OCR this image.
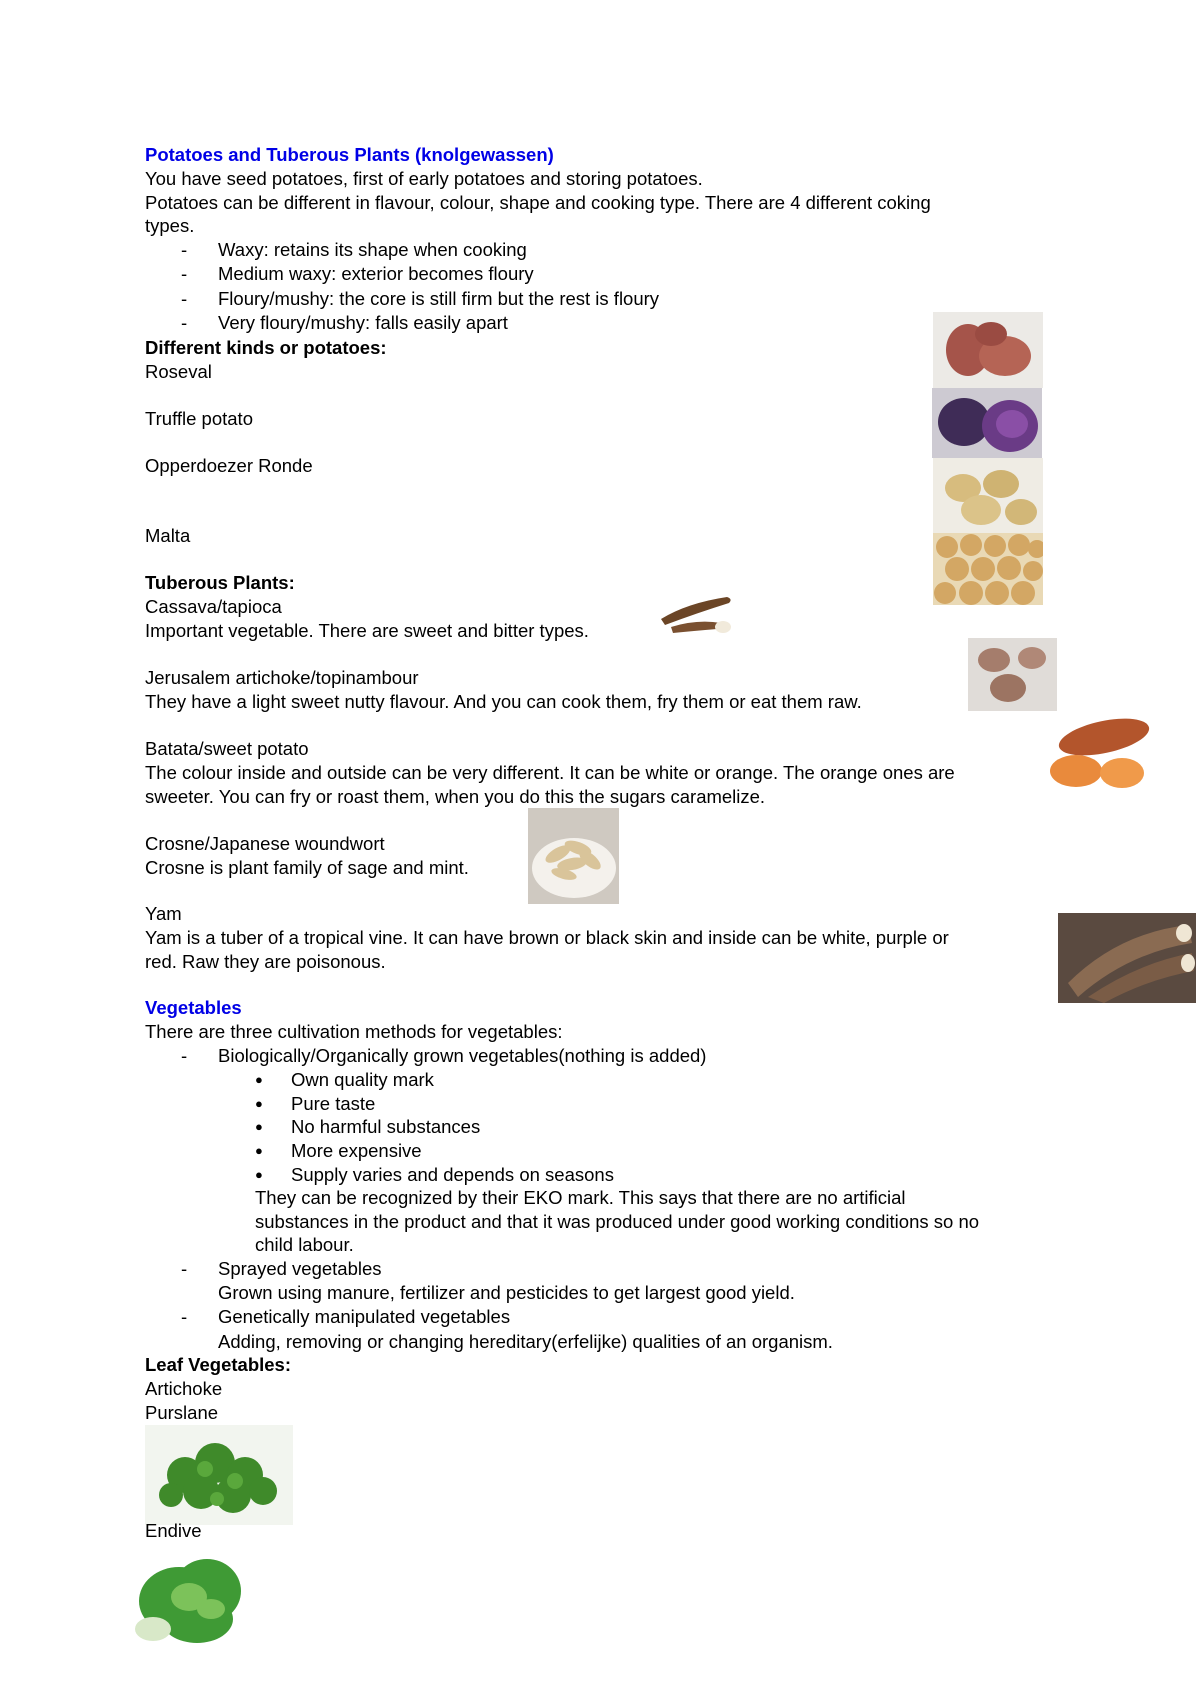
Potatoes and Tuberous Plants (knolgewassen)
You have seed potatoes, first of early potatoes and storing potatoes.
Potatoes can be different in flavour, colour, shape and cooking type. There are 4 different coking
types.
- Waxy: retains its shape when cooking
- Medium waxy: exterior becomes floury
- Floury/mushy: the core is still firm but the rest is floury
- Very floury/mushy: falls easily apart
Different kinds or potatoes:
Roseval
Truffle potato
Opperdoezer Ronde
Malta
Tuberous Plants:
Cassava/tapioca
Important vegetable. There are sweet and bitter types.
Jerusalem artichoke/topinambour
They have a light sweet nutty flavour. And you can cook them, fry them or eat them raw.
Batata/sweet potato
The colour inside and outside can be very different. It can be white or orange. The orange ones are
sweeter. You can fry or roast them, when you do this the sugars caramelize.
Crosne/Japanese woundwort
Crosne is plant family of sage and mint.
Yam
Yam is a tuber of a tropical vine. It can have brown or black skin and inside can be white, purple or
red. Raw they are poisonous.
Vegetables
There are three cultivation methods for vegetables:
- Biologically/Organically grown vegetables(nothing is added)
● Own quality mark
● Pure taste
● No harmful substances
● More expensive
● Supply varies and depends on seasons
They can be recognized by their EKO mark. This says that there are no artificial
substances in the product and that it was produced under good working conditions so no
child labour.
- Sprayed vegetables
Grown using manure, fertilizer and pesticides to get largest good yield.
- Genetically manipulated vegetables
Adding, removing or changing hereditary(erfelijke) qualities of an organism.
Leaf Vegetables:
Artichoke
Purslane
Endive
